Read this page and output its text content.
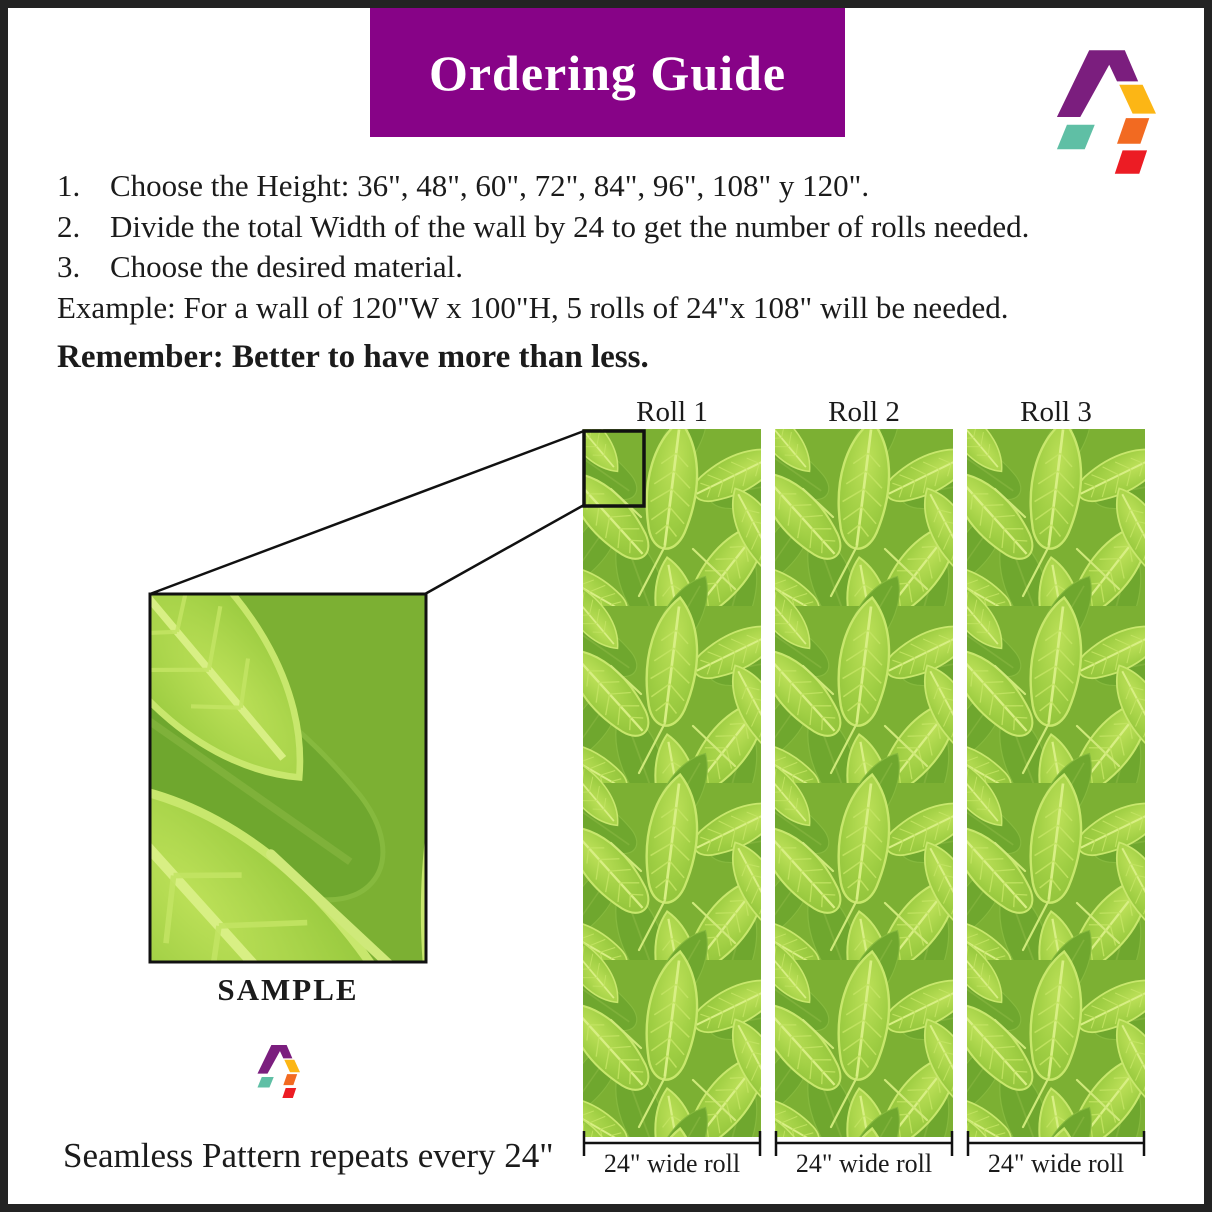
Ordering Guide
1. Choose the Height: 36", 48", 60", 72", 84", 96", 108" y 120".
2. Divide the total Width of the wall by 24 to get the number of rolls needed.
3. Choose the desired material.
Example: For a wall of 120"W x 100"H, 5 rolls of 24"x 108" will be needed.
Remember: Better to have more than less.
Roll 1	Roll 2	Roll 3
24" wide roll	24" wide roll	24" wide roll
SAMPLE
Seamless Pattern repeats every 24"
